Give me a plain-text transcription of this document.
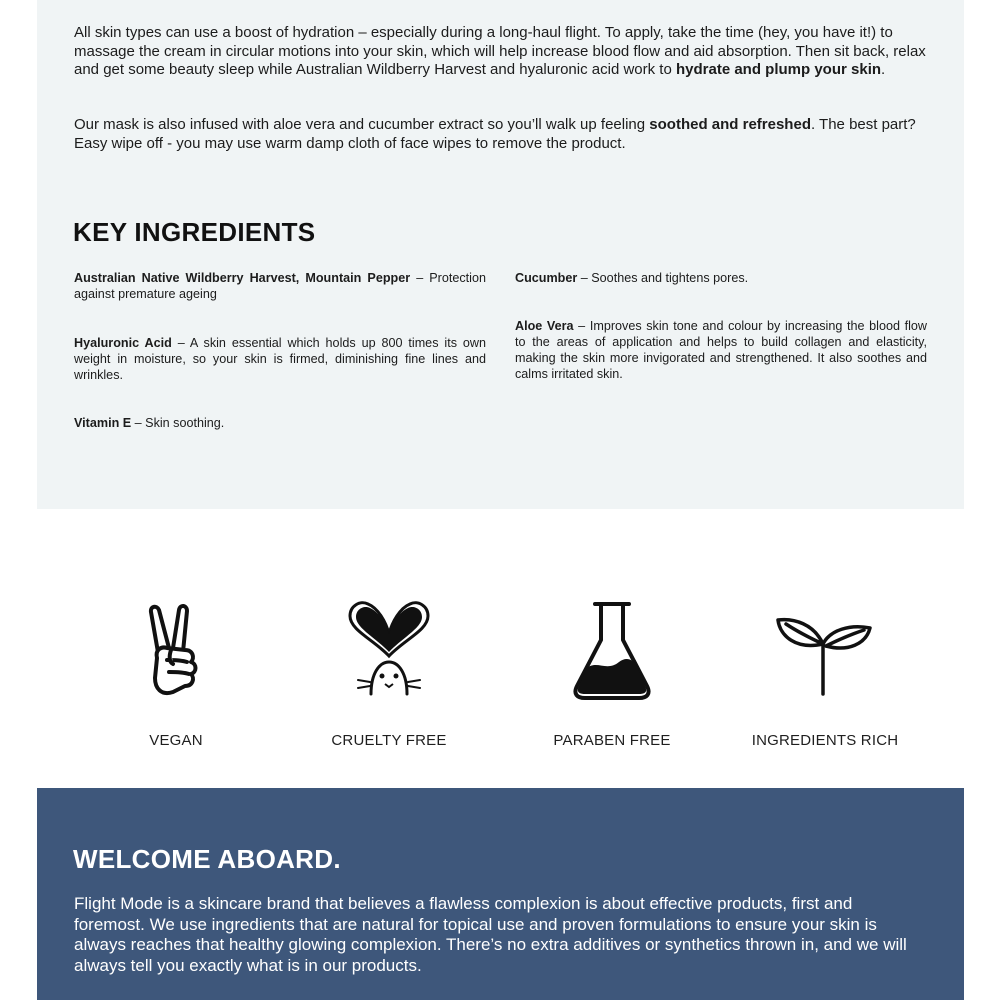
All skin types can use a boost of hydration – especially during a long-haul flight. To apply, take the time (hey, you have it!) to massage the cream in circular motions into your skin, which will help increase blood flow and aid absorption. Then sit back, relax and get some beauty sleep while Australian Wildberry Harvest and hyaluronic acid work to hydrate and plump your skin.

Our mask is also infused with aloe vera and cucumber extract so you’ll walk up feeling soothed and refreshed. The best part? Easy wipe off - you may use warm damp cloth of face wipes to remove the product.

KEY INGREDIENTS

Australian Native Wildberry Harvest, Mountain Pepper – Protection against premature ageing

Hyaluronic Acid – A skin essential which holds up 800 times its own weight in moisture, so your skin is firmed, diminishing fine lines and wrinkles.

Vitamin E – Skin soothing.

Cucumber – Soothes and tightens pores.

Aloe Vera – Improves skin tone and colour by increasing the blood flow to the areas of application and helps to build collagen and elasticity, making the skin more invigorated and strengthened. It also soothes and calms irritated skin.

VEGAN	CRUELTY FREE	PARABEN FREE	INGREDIENTS RICH
WELCOME ABOARD.

Flight Mode is a skincare brand that believes a flawless complexion is about effective products, first and foremost. We use ingredients that are natural for topical use and proven formulations to ensure your skin is always reaches that healthy glowing complexion. There’s no extra additives or synthetics thrown in, and we will always tell you exactly what is in our products.
